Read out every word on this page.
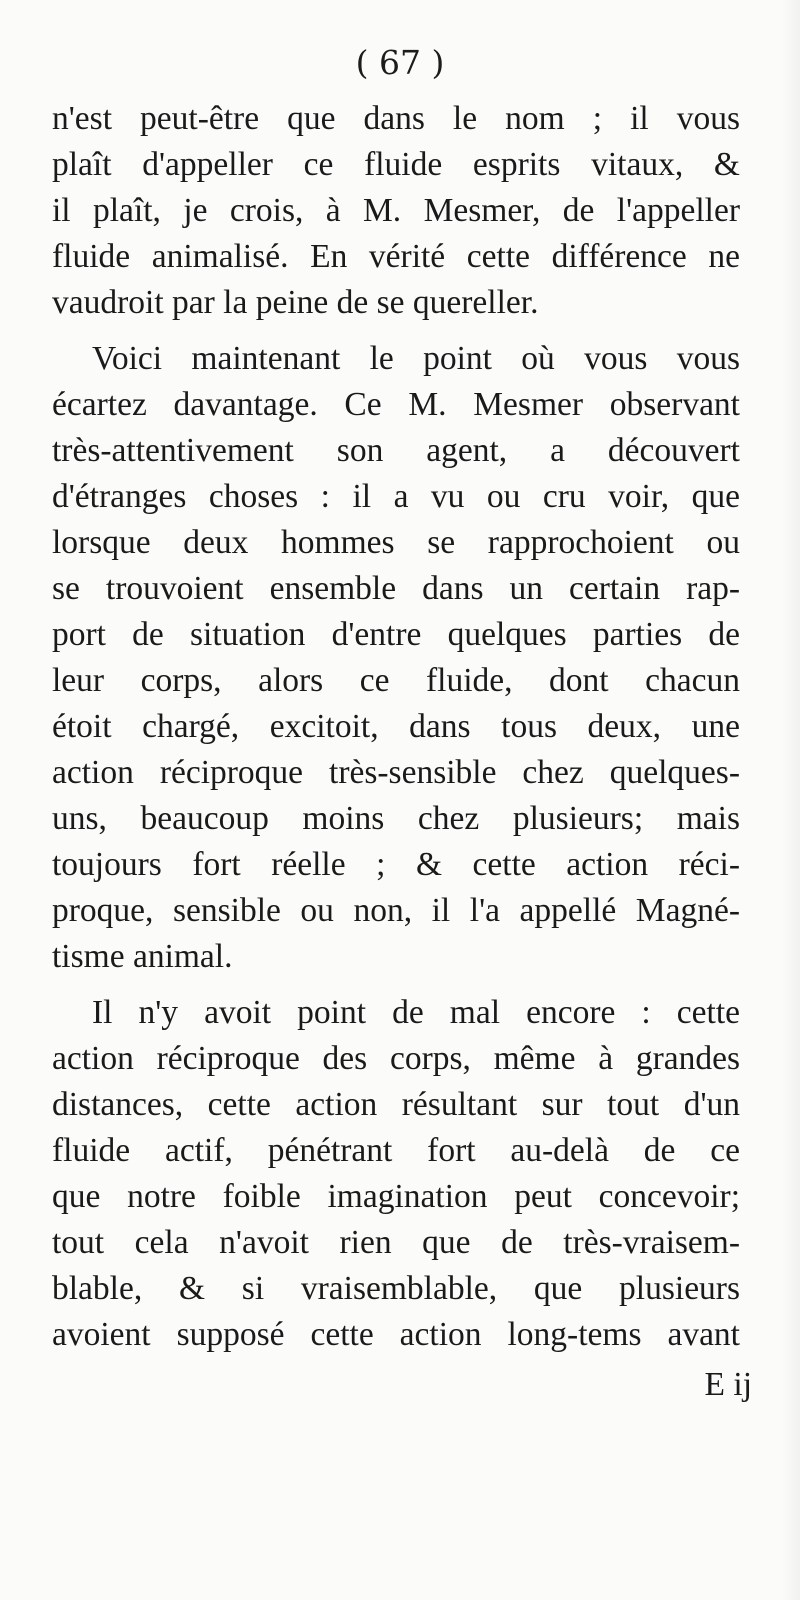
( 67 )
n'est peut-être que dans le nom ; il vous
plaît d'appeller ce fluide esprits vitaux, &
il plaît, je crois, à M. Mesmer, de l'appeller
fluide animalisé. En vérité cette différence ne
vaudroit par la peine de se quereller.
Voici maintenant le point où vous vous
écartez davantage. Ce M. Mesmer observant
très-attentivement son agent, a découvert
d'étranges choses : il a vu ou cru voir, que
lorsque deux hommes se rapprochoient ou
se trouvoient ensemble dans un certain rap-
port de situation d'entre quelques parties de
leur corps, alors ce fluide, dont chacun
étoit chargé, excitoit, dans tous deux, une
action réciproque très-sensible chez quelques-
uns, beaucoup moins chez plusieurs; mais
toujours fort réelle ; & cette action réci-
proque, sensible ou non, il l'a appellé Magné-
tisme animal.
Il n'y avoit point de mal encore : cette
action réciproque des corps, même à grandes
distances, cette action résultant sur tout d'un
fluide actif, pénétrant fort au-delà de ce
que notre foible imagination peut concevoir;
tout cela n'avoit rien que de très-vraisem-
blable, & si vraisemblable, que plusieurs
avoient supposé cette action long-tems avant
E ij
